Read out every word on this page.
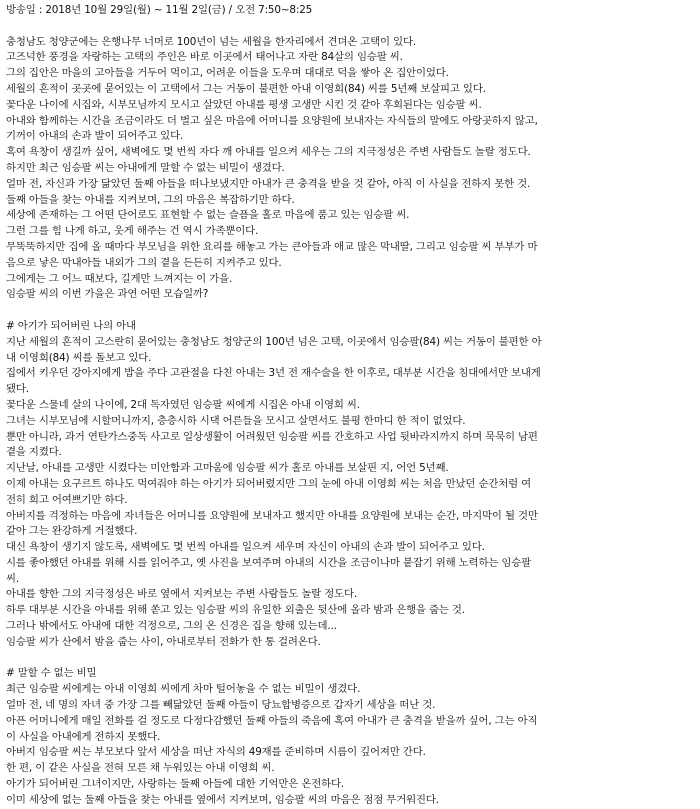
방송일 : 2018년 10월 29일(월) ~ 11월 2일(금) / 오전 7:50~8:25
충청남도 청양군에는 은행나무 너머로 100년이 넘는 세월을 한자리에서 견뎌온 고택이 있다.
고즈넉한 풍경을 자랑하는 고택의 주인은 바로 이곳에서 태어나고 자란 84살의 임승팔 씨.
그의 집안은 마을의 고아들을 거두어 먹이고, 어려운 이들을 도우며 대대로 덕을 쌓아 온 집안이었다.
세월의 흔적이 곳곳에 묻어있는 이 고택에서 그는 거동이 불편한 아내 이영희(84) 씨를 5년째 보살피고 있다.
꽃다운 나이에 시집와, 시부모님까지 모시고 살았던 아내를 평생 고생만 시킨 것 같아 후회된다는 임승팔 씨.
아내와 함께하는 시간을 조금이라도 더 벌고 싶은 마음에 어머니를 요양원에 보내자는 자식들의 말에도 아랑곳하지 않고,
기꺼이 아내의 손과 발이 되어주고 있다.
혹여 욕창이 생길까 싶어, 새벽에도 몇 번씩 자다 깨 아내를 일으켜 세우는 그의 지극정성은 주변 사람들도 놀랄 정도다.
하지만 최근 임승팔 씨는 아내에게 말할 수 없는 비밀이 생겼다.
얼마 전, 자신과 가장 닮았던 둘째 아들을 떠나보냈지만 아내가 큰 충격을 받을 것 같아, 아직 이 사실을 전하지 못한 것.
둘째 아들을 찾는 아내를 지켜보며, 그의 마음은 복잡하기만 하다.
세상에 존재하는 그 어떤 단어로도 표현할 수 없는 슬픔을 홀로 마음에 품고 있는 임승팔 씨.
그런 그를 힘 나게 하고, 웃게 해주는 건 역시 가족뿐이다.
무뚝뚝하지만 집에 올 때마다 부모님을 위한 요리를 해놓고 가는 큰아들과 애교 많은 막내딸, 그리고 임승팔 씨 부부가 마
음으로 낳은 막내아들 내외가 그의 곁을 든든히 지켜주고 있다.
그에게는 그 어느 때보다, 길게만 느껴지는 이 가을.
임승팔 씨의 이번 가을은 과연 어떤 모습일까?
# 아기가 되어버린 나의 아내
지난 세월의 흔적이 고스란히 묻어있는 충청남도 청양군의 100년 넘은 고택, 이곳에서 임승팔(84) 씨는 거동이 불편한 아
내 이영희(84) 씨를 돌보고 있다.
집에서 키우던 강아지에게 밥을 주다 고관절을 다친 아내는 3년 전 재수술을 한 이후로, 대부분 시간을 침대에서만 보내게
됐다.
꽃다운 스물네 살의 나이에, 2대 독자였던 임승팔 씨에게 시집온 아내 이영희 씨.
그녀는 시부모님에 시할머니까지, 층층시하 시댁 어른들을 모시고 살면서도 불평 한마디 한 적이 없었다.
뿐만 아니라, 과거 연탄가스중독 사고로 일상생활이 어려웠던 임승팔 씨를 간호하고 사업 뒷바라지까지 하며 묵묵히 남편
곁을 지켰다.
지난날, 아내를 고생만 시켰다는 미안함과 고마움에 임승팔 씨가 홀로 아내를 보살핀 지, 어언 5년째.
이제 아내는 요구르트 하나도 먹여줘야 하는 아기가 되어버렸지만 그의 눈에 아내 이영희 씨는 처음 만났던 순간처럼 여
전히 희고 어여쁘기만 하다.
아버지를 걱정하는 마음에 자녀들은 어머니를 요양원에 보내자고 했지만 아내를 요양원에 보내는 순간, 마지막이 될 것만
같아 그는 완강하게 거절했다.
대신 욕창이 생기지 않도록, 새벽에도 몇 번씩 아내를 일으켜 세우며 자신이 아내의 손과 발이 되어주고 있다.
시를 좋아했던 아내를 위해 시를 읽어주고, 옛 사진을 보여주며 아내의 시간을 조금이나마 붙잡기 위해 노력하는 임승팔
씨.
아내를 향한 그의 지극정성은 바로 옆에서 지켜보는 주변 사람들도 놀랄 정도다.
하루 대부분 시간을 아내를 위해 쏟고 있는 임승팔 씨의 유일한 외출은 뒷산에 올라 밤과 은행을 줍는 것.
그러나 밖에서도 아내에 대한 걱정으로, 그의 온 신경은 집을 향해 있는데...
임승팔 씨가 산에서 밤을 줍는 사이, 아내로부터 전화가 한 통 걸려온다.
# 말할 수 없는 비밀
최근 임승팔 씨에게는 아내 이영희 씨에게 차마 털어놓을 수 없는 비밀이 생겼다.
얼마 전, 네 명의 자녀 중 가장 그를 빼닮았던 둘째 아들이 당뇨합병증으로 갑자기 세상을 떠난 것.
아픈 어머니에게 매일 전화를 걸 정도로 다정다감했던 둘째 아들의 죽음에 혹여 아내가 큰 충격을 받을까 싶어, 그는 아직
이 사실을 아내에게 전하지 못했다.
아버지 임승팔 씨는 부모보다 앞서 세상을 떠난 자식의 49재를 준비하며 시름이 깊어져만 간다.
한 편, 이 같은 사실을 전혀 모른 채 누워있는 아내 이영희 씨.
아기가 되어버린 그녀이지만, 사랑하는 둘째 아들에 대한 기억만은 온전하다.
이미 세상에 없는 둘째 아들을 찾는 아내를 옆에서 지켜보며, 임승팔 씨의 마음은 점점 무거워진다.
